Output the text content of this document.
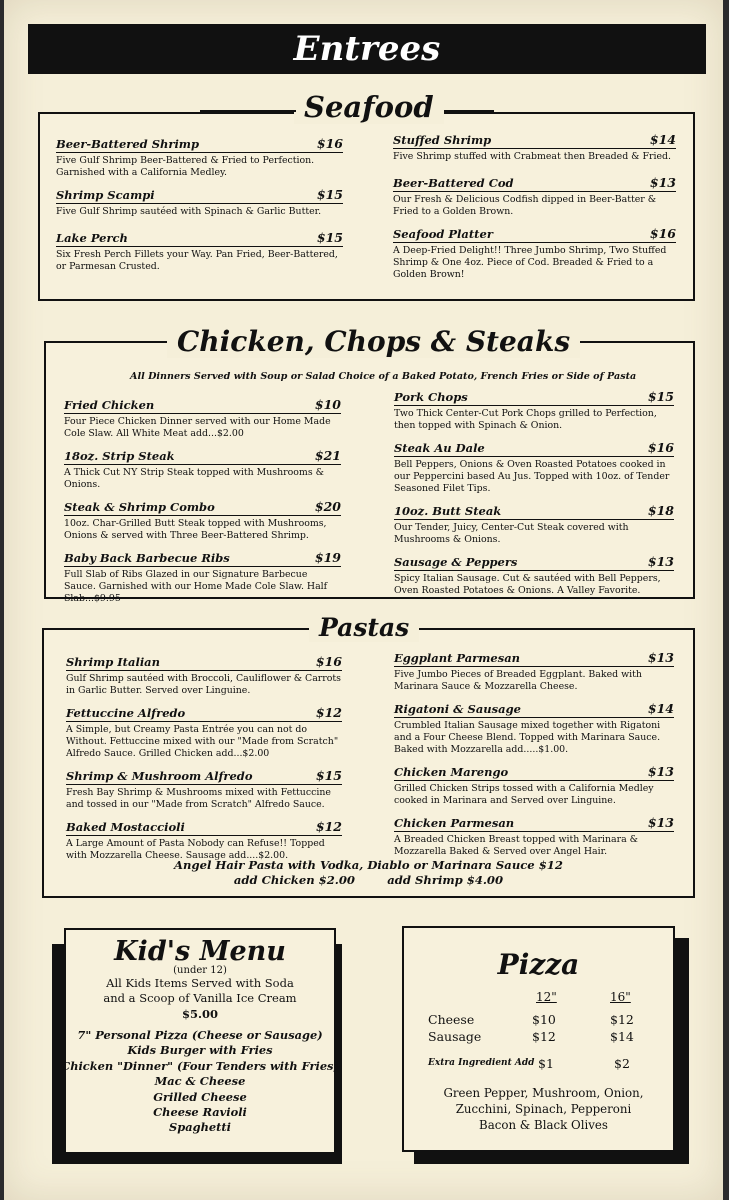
Entrees
Seafood
Beer-Battered Shrimp	$16
Five Gulf Shrimp Beer-Battered & Fried to Perfection. Garnished with a California Medley.
Shrimp Scampi	$15
Five Gulf Shrimp sautéed with Spinach & Garlic Butter.
Lake Perch	$15
Six Fresh Perch Fillets your Way. Pan Fried, Beer-Battered, or Parmesan Crusted.
Stuffed Shrimp	$14
Five Shrimp stuffed with Crabmeat then Breaded & Fried.
Beer-Battered Cod	$13
Our Fresh & Delicious Codfish dipped in Beer-Batter & Fried to a Golden Brown.
Seafood Platter	$16
A Deep-Fried Delight!! Three Jumbo Shrimp, Two Stuffed Shrimp & One 4oz. Piece of Cod. Breaded & Fried to a Golden Brown!
Chicken, Chops & Steaks
All Dinners Served with Soup or Salad Choice of a Baked Potato, French Fries or Side of Pasta
Fried Chicken	$10
Four Piece Chicken Dinner served with our Home Made Cole Slaw. All White Meat add...$2.00
18oz. Strip Steak	$21
A Thick Cut NY Strip Steak topped with Mushrooms & Onions.
Steak & Shrimp Combo	$20
10oz. Char-Grilled Butt Steak topped with Mushrooms, Onions & served with Three Beer-Battered Shrimp.
Baby Back Barbecue Ribs	$19
Full Slab of Ribs Glazed in our Signature Barbecue Sauce. Garnished with our Home Made Cole Slaw. Half Slab...$9.95
Pork Chops	$15
Two Thick Center-Cut Pork Chops grilled to Perfection, then topped with Spinach & Onion.
Steak Au Dale	$16
Bell Peppers, Onions & Oven Roasted Potatoes cooked in our Peppercini based Au Jus. Topped with 10oz. of Tender Seasoned Filet Tips.
10oz. Butt Steak	$18
Our Tender, Juicy, Center-Cut Steak covered with Mushrooms & Onions.
Sausage & Peppers	$13
Spicy Italian Sausage. Cut & sautéed with Bell Peppers, Oven Roasted Potatoes & Onions. A Valley Favorite.
Pastas
Shrimp Italian	$16
Gulf Shrimp sautéed with Broccoli, Cauliflower & Carrots in Garlic Butter. Served over Linguine.
Fettuccine Alfredo	$12
A Simple, but Creamy Pasta Entrée you can not do Without. Fettuccine mixed with our "Made from Scratch" Alfredo Sauce. Grilled Chicken add...$2.00
Shrimp & Mushroom Alfredo	$15
Fresh Bay Shrimp & Mushrooms mixed with Fettuccine and tossed in our "Made from Scratch" Alfredo Sauce.
Baked Mostaccioli	$12
A Large Amount of Pasta Nobody can Refuse!! Topped with Mozzarella Cheese. Sausage add....$2.00.
Eggplant Parmesan	$13
Five Jumbo Pieces of Breaded Eggplant. Baked with Marinara Sauce & Mozzarella Cheese.
Rigatoni & Sausage	$14
Crumbled Italian Sausage mixed together with Rigatoni and a Four Cheese Blend. Topped with Marinara Sauce. Baked with Mozzarella add.....$1.00.
Chicken Marengo	$13
Grilled Chicken Strips tossed with a California Medley cooked in Marinara and Served over Linguine.
Chicken Parmesan	$13
A Breaded Chicken Breast topped with Marinara & Mozzarella Baked & Served over Angel Hair.
Angel Hair Pasta with Vodka, Diablo or Marinara Sauce $12
add Chicken $2.00        add Shrimp $4.00
Kid's Menu
(under 12)
All Kids Items Served with Soda
and a Scoop of Vanilla Ice Cream
$5.00
7" Personal Pizza (Cheese or Sausage)
Kids Burger with Fries
Chicken "Dinner" (Four Tenders with Fries)
Mac & Cheese
Grilled Cheese
Cheese Ravioli
Spaghetti
Pizza
12"	16"
Cheese	$10	$12
Sausage	$12	$14
Extra Ingredient Add $1	$2
Green Pepper, Mushroom, Onion,
Zucchini, Spinach, Pepperoni
Bacon & Black Olives
